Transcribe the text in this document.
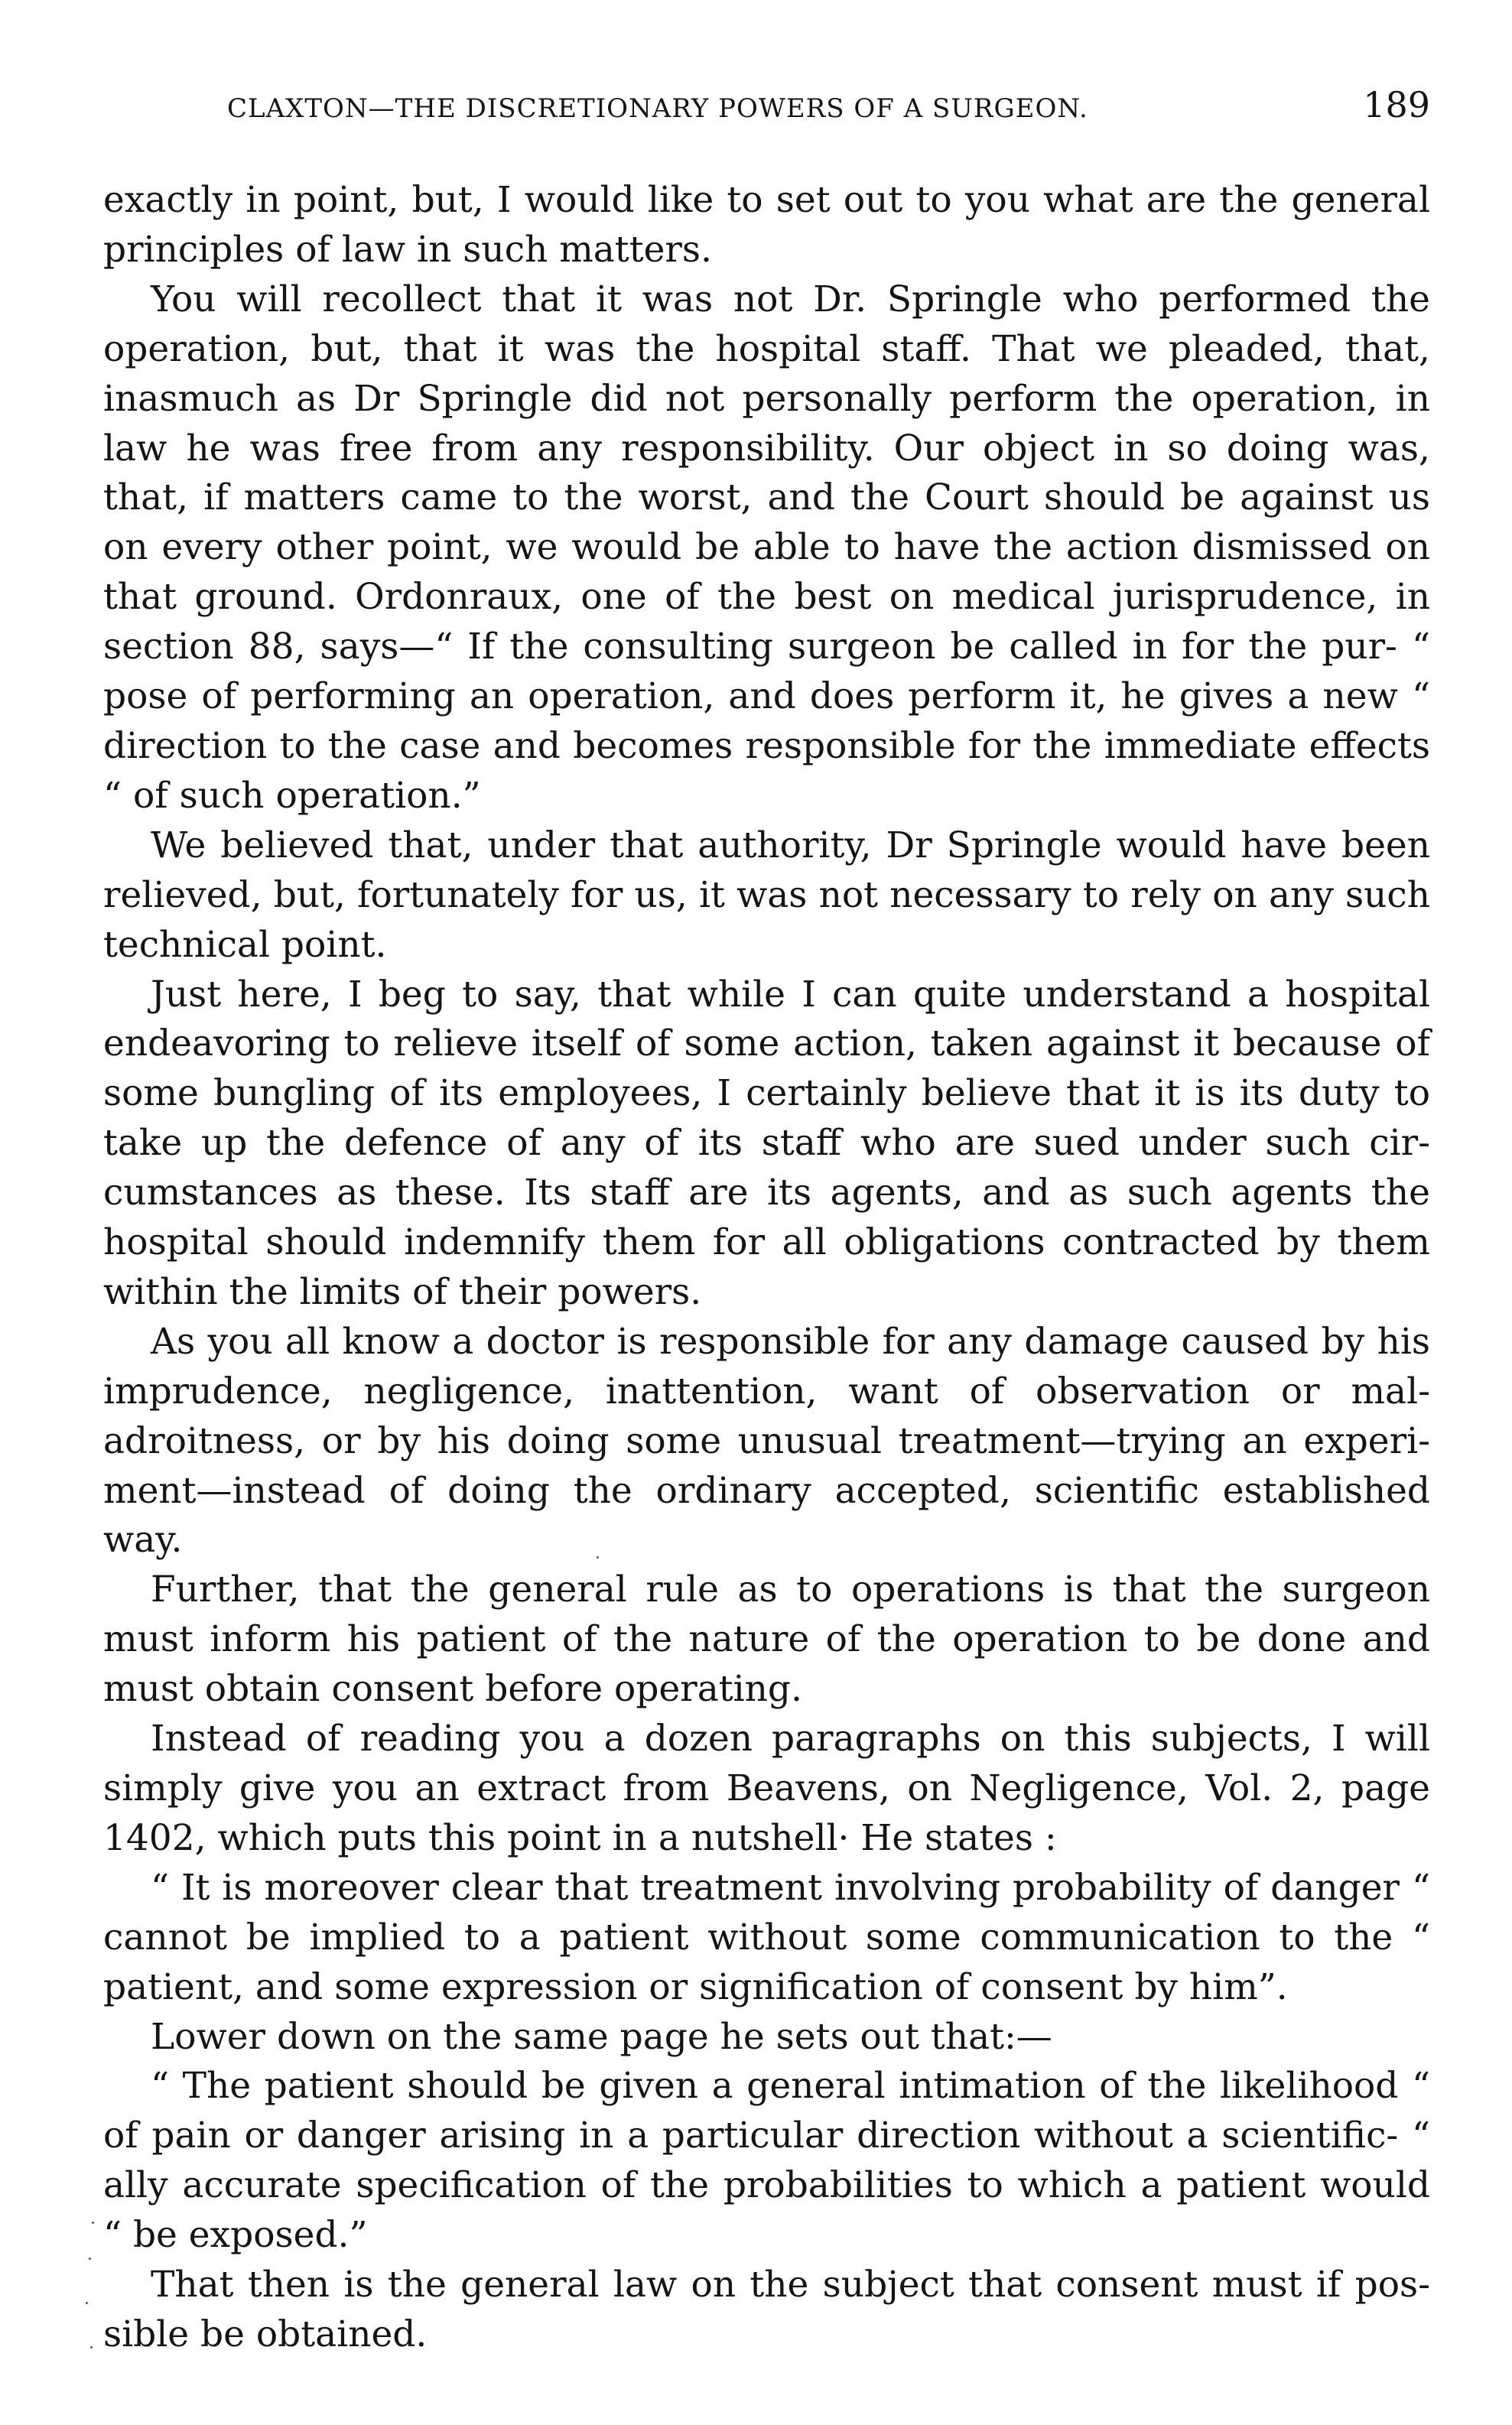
CLAXTON—THE DISCRETIONARY POWERS OF A SURGEON.	189

exactly in point, but, I would like to set out to you what are the general principles of law in such matters.

You will recollect that it was not Dr. Springle who performed the operation, but, that it was the hospital staff. That we pleaded, that, inasmuch as Dr Springle did not personally perform the operation, in law he was free from any responsibility. Our object in so doing was, that, if matters came to the worst, and the Court should be against us on every other point, we would be able to have the action dismissed on that ground. Ordonraux, one of the best on medical jurisprudence, in section 88, says—“ If the consulting surgeon be called in for the pur- “ pose of performing an operation, and does perform it, he gives a new “ direction to the case and becomes responsible for the immediate effects “ of such operation.”

We believed that, under that authority, Dr Springle would have been relieved, but, fortunately for us, it was not necessary to rely on any such technical point.

Just here, I beg to say, that while I can quite understand a hospital endeavoring to relieve itself of some action, taken against it because of some bungling of its employees, I certainly believe that it is its duty to take up the defence of any of its staff who are sued under such cir- cumstances as these. Its staff are its agents, and as such agents the hospital should indemnify them for all obligations contracted by them within the limits of their powers.

As you all know a doctor is responsible for any damage caused by his imprudence, negligence, inattention, want of observation or mal- adroitness, or by his doing some unusual treatment—trying an experi- ment—instead of doing the ordinary accepted, scientific established way.

Further, that the general rule as to operations is that the surgeon must inform his patient of the nature of the operation to be done and must obtain consent before operating.

Instead of reading you a dozen paragraphs on this subjects, I will simply give you an extract from Beavens, on Negligence, Vol. 2, page 1402, which puts this point in a nutshell· He states :

“ It is moreover clear that treatment involving probability of danger “ cannot be implied to a patient without some communication to the “ patient, and some expression or signification of consent by him”.

Lower down on the same page he sets out that:—

“ The patient should be given a general intimation of the likelihood “ of pain or danger arising in a particular direction without a scientific- “ ally accurate specification of the probabilities to which a patient would “ be exposed.”

That then is the general law on the subject that consent must if pos- sible be obtained.
